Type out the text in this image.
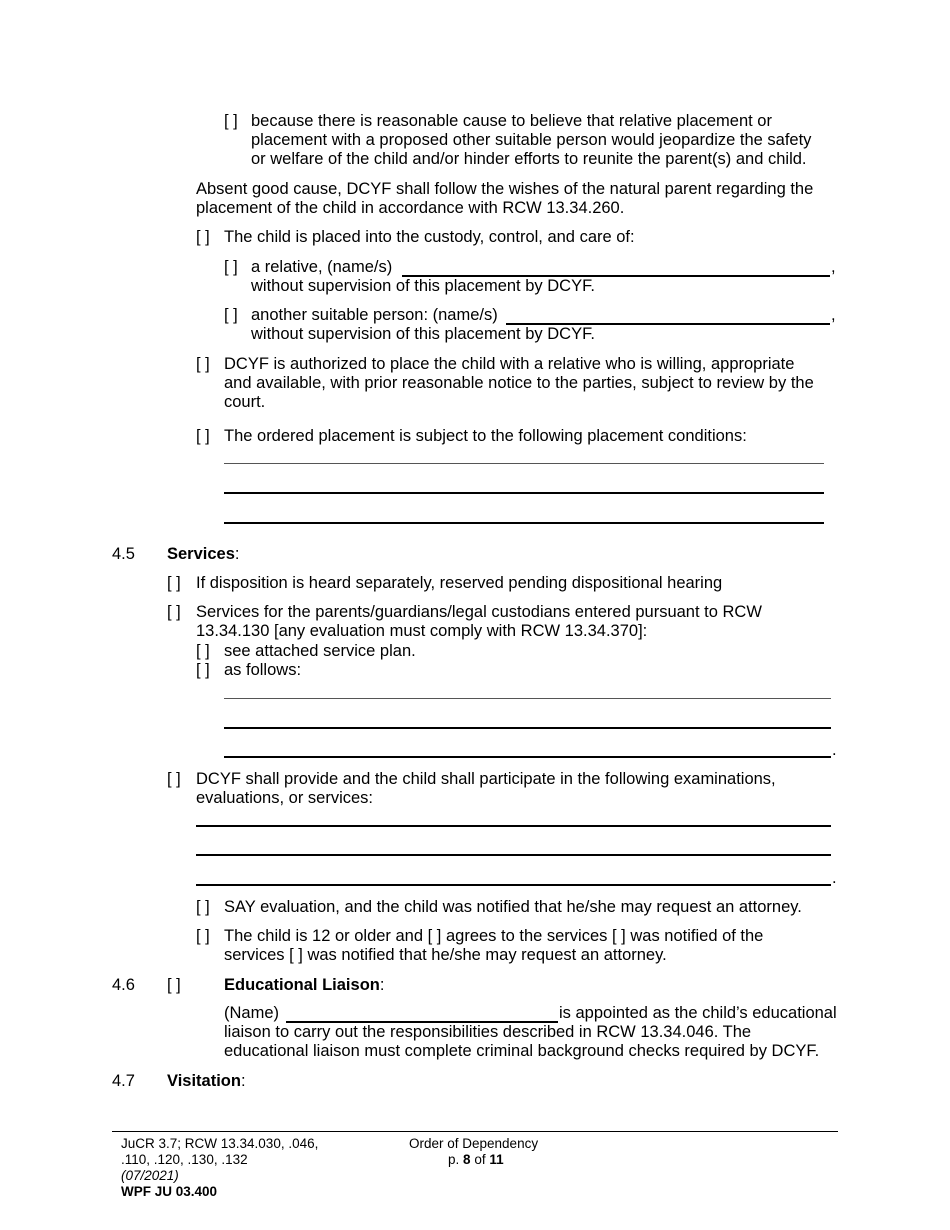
[ ] because there is reasonable cause to believe that relative placement or
placement with a proposed other suitable person would jeopardize the safety
or welfare of the child and/or hinder efforts to reunite the parent(s) and child.
Absent good cause, DCYF shall follow the wishes of the natural parent regarding the
placement of the child in accordance with RCW 13.34.260.
[ ] The child is placed into the custody, control, and care of:
[ ] a relative, (name/s)	,
without supervision of this placement by DCYF.
[ ] another suitable person: (name/s)	,
without supervision of this placement by DCYF.
[ ] DCYF is authorized to place the child with a relative who is willing, appropriate
and available, with prior reasonable notice to the parties, subject to review by the
court.
[ ] The ordered placement is subject to the following placement conditions:
4.5 Services:
[ ] If disposition is heard separately, reserved pending dispositional hearing
[ ] Services for the parents/guardians/legal custodians entered pursuant to RCW
13.34.130 [any evaluation must comply with RCW 13.34.370]:
[ ] see attached service plan.
[ ] as follows:
.
[ ] DCYF shall provide and the child shall participate in the following examinations,
evaluations, or services:
.
[ ] SAY evaluation, and the child was notified that he/she may request an attorney.
[ ] The child is 12 or older and [ ] agrees to the services [ ] was notified of the
services [ ] was notified that he/she may request an attorney.
4.6 [ ]	Educational Liaison:
(Name)	is appointed as the child’s educational
liaison to carry out the responsibilities described in RCW 13.34.046. The
educational liaison must complete criminal background checks required by DCYF.
4.7 Visitation:
JuCR 3.7; RCW 13.34.030, .046,
.110, .120, .130, .132
(07/2021)
WPF JU 03.400
Order of Dependency
p. 8 of 11
